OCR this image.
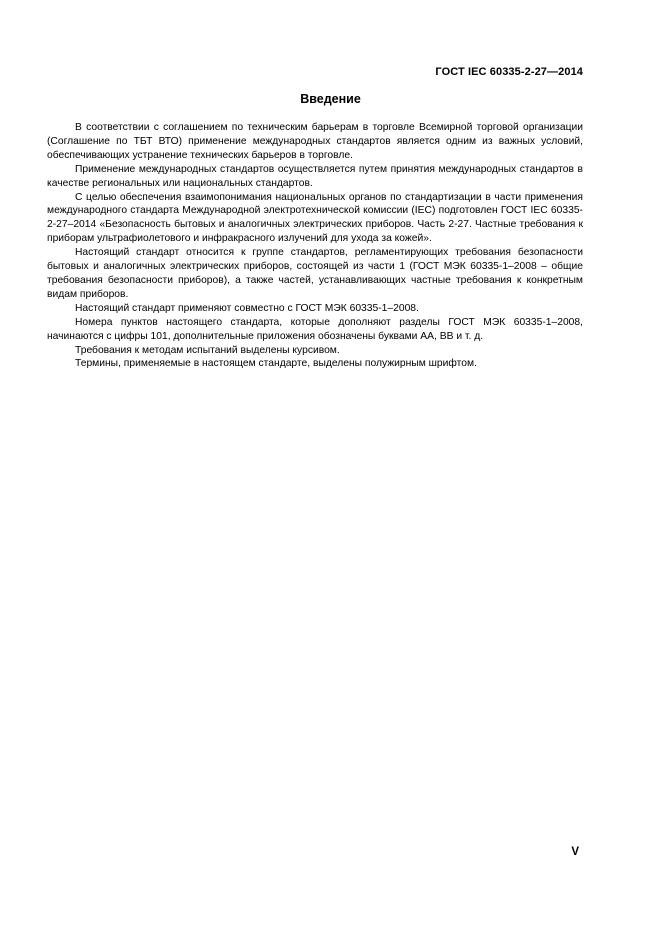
ГОСТ IEC 60335-2-27—2014
Введение

В соответствии с соглашением по техническим барьерам в торговле Всемирной торговой организации (Соглашение по ТБТ ВТО) применение международных стандартов является одним из важных условий, обеспечивающих устранение технических барьеров в торговле.

Применение международных стандартов осуществляется путем принятия международных стандартов в качестве региональных или национальных стандартов.

С целью обеспечения взаимопонимания национальных органов по стандартизации в части применения международного стандарта Международной электротехнической комиссии (IEC) подготовлен ГОСТ IEC 60335-2-27–2014 «Безопасность бытовых и аналогичных электрических приборов. Часть 2-27. Частные требования к приборам ультрафиолетового и инфракрасного излучений для ухода за кожей».

Настоящий стандарт относится к группе стандартов, регламентирующих требования безопасности бытовых и аналогичных электрических приборов, состоящей из части 1 (ГОСТ МЭК 60335-1–2008 – общие требования безопасности приборов), а также частей, устанавливающих частные требования к конкретным видам приборов.

Настоящий стандарт применяют совместно с ГОСТ МЭК 60335-1–2008.

Номера пунктов настоящего стандарта, которые дополняют разделы ГОСТ МЭК 60335-1–2008, начинаются с цифры 101, дополнительные приложения обозначены буквами АА, ВВ и т. д.

Требования к методам испытаний выделены курсивом.

Термины, применяемые в настоящем стандарте, выделены полужирным шрифтом.

V
